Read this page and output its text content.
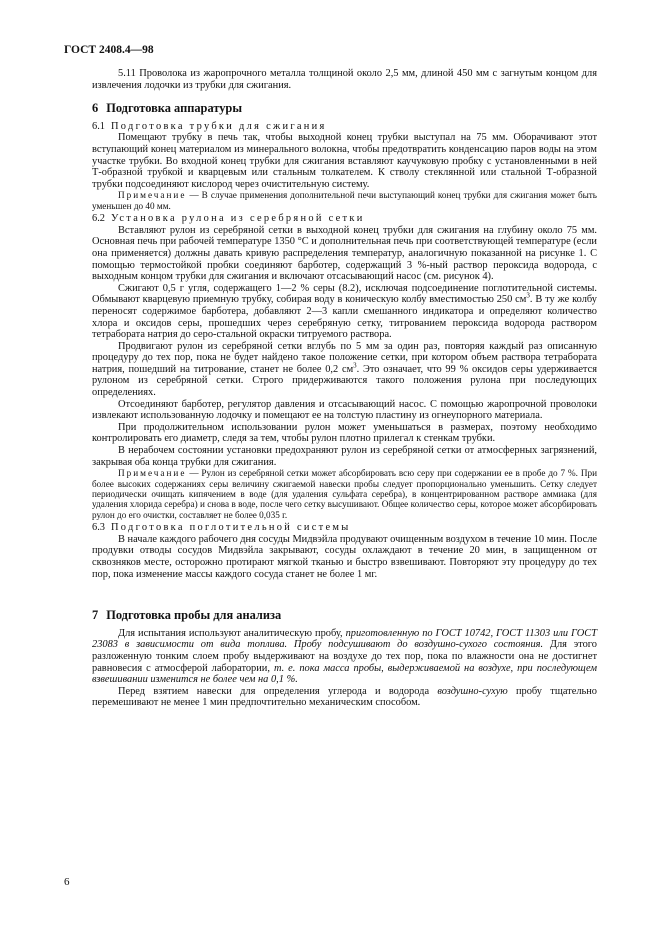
ГОСТ 2408.4—98

5.11 Проволока из жаропрочного металла толщиной около 2,5 мм, длиной 450 мм с загнутым концом для извлечения лодочки из трубки для сжигания.

6 Подготовка аппаратуры

6.1 Подготовка трубки для сжигания

Помещают трубку в печь так, чтобы выходной конец трубки выступал на 75 мм. Оборачивают этот вступающий конец материалом из минерального волокна, чтобы предотвратить конденсацию паров воды на этом участке трубки. Во входной конец трубки для сжигания вставляют каучуковую пробку с установленными в ней Т-образной трубкой и кварцевым или стальным толкателем. К стволу стеклянной или стальной Т-образной трубки подсоединяют кислород через очистительную систему.

Примечание — В случае применения дополнительной печи выступающий конец трубки для сжигания может быть уменьшен до 40 мм.

6.2 Установка рулона из серебряной сетки

Вставляют рулон из серебряной сетки в выходной конец трубки для сжигания на глубину около 75 мм. Основная печь при рабочей температуре 1350 °С и дополнительная печь при соответствующей температуре (если она применяется) должны давать кривую распределения температур, аналогичную показанной на рисунке 1. С помощью термостойкой пробки соединяют барботер, содержащий 3 %-ный раствор пероксида водорода, с выходным концом трубки для сжигания и включают отсасывающий насос (см. рисунок 4).

Сжигают 0,5 г угля, содержащего 1—2 % серы (8.2), исключая подсоединение поглотительной системы. Обмывают кварцевую приемную трубку, собирая воду в коническую колбу вместимостью 250 $см^3$. В ту же колбу переносят содержимое барботера, добавляют 2—3 капли смешанного индикатора и определяют количество хлора и оксидов серы, прошедших через серебряную сетку, титрованием пероксида водорода раствором тетрабората натрия до серо-стальной окраски титруемого раствора.

Продвигают рулон из серебряной сетки вглубь по 5 мм за один раз, повторяя каждый раз описанную процедуру до тех пор, пока не будет найдено такое положение сетки, при котором объем раствора тетрабората натрия, пошедший на титрование, станет не более 0,2 $см^3$. Это означает, что 99 % оксидов серы удерживается рулоном из серебряной сетки. Строго придерживаются такого положения рулона при последующих определениях.

Отсоединяют барботер, регулятор давления и отсасывающий насос. С помощью жаропрочной проволоки извлекают использованную лодочку и помещают ее на толстую пластину из огнеупорного материала.

При продолжительном использовании рулон может уменьшаться в размерах, поэтому необходимо контролировать его диаметр, следя за тем, чтобы рулон плотно прилегал к стенкам трубки.

В нерабочем состоянии установки предохраняют рулон из серебряной сетки от атмосферных загрязнений, закрывая оба конца трубки для сжигания.

Примечание — Рулон из серебряной сетки может абсорбировать всю серу при содержании ее в пробе до 7 %. При более высоких содержаниях серы величину сжигаемой навески пробы следует пропорционально уменьшить. Сетку следует периодически очищать кипячением в воде (для удаления сульфата серебра), в концентрированном растворе аммиака (для удаления хлорида серебра) и снова в воде, после чего сетку высушивают. Общее количество серы, которое может абсорбировать рулон до его очистки, составляет не более 0,035 г.

6.3 Подготовка поглотительной системы

В начале каждого рабочего дня сосуды Мидвэйла продувают очищенным воздухом в течение 10 мин. После продувки отводы сосудов Мидвэйла закрывают, сосуды охлаждают в течение 20 мин, в защищенном от сквозняков месте, осторожно протирают мягкой тканью и быстро взвешивают. Повторяют эту процедуру до тех пор, пока изменение массы каждого сосуда станет не более 1 мг.

7 Подготовка пробы для анализа

Для испытания используют аналитическую пробу, приготовленную по ГОСТ 10742, ГОСТ 11303 или ГОСТ 23083 в зависимости от вида топлива. Пробу подсушивают до воздушно-сухого состояния. Для этого разложенную тонким слоем пробу выдерживают на воздухе до тех пор, пока по влажности она не достигнет равновесия с атмосферой лаборатории, т. е. пока масса пробы, выдерживаемой на воздухе, при последующем взвешивании изменится не более чем на 0,1 %.

Перед взятием навески для определения углерода и водорода воздушно-сухую пробу тщательно перемешивают не менее 1 мин предпочтительно механическим способом.

6
